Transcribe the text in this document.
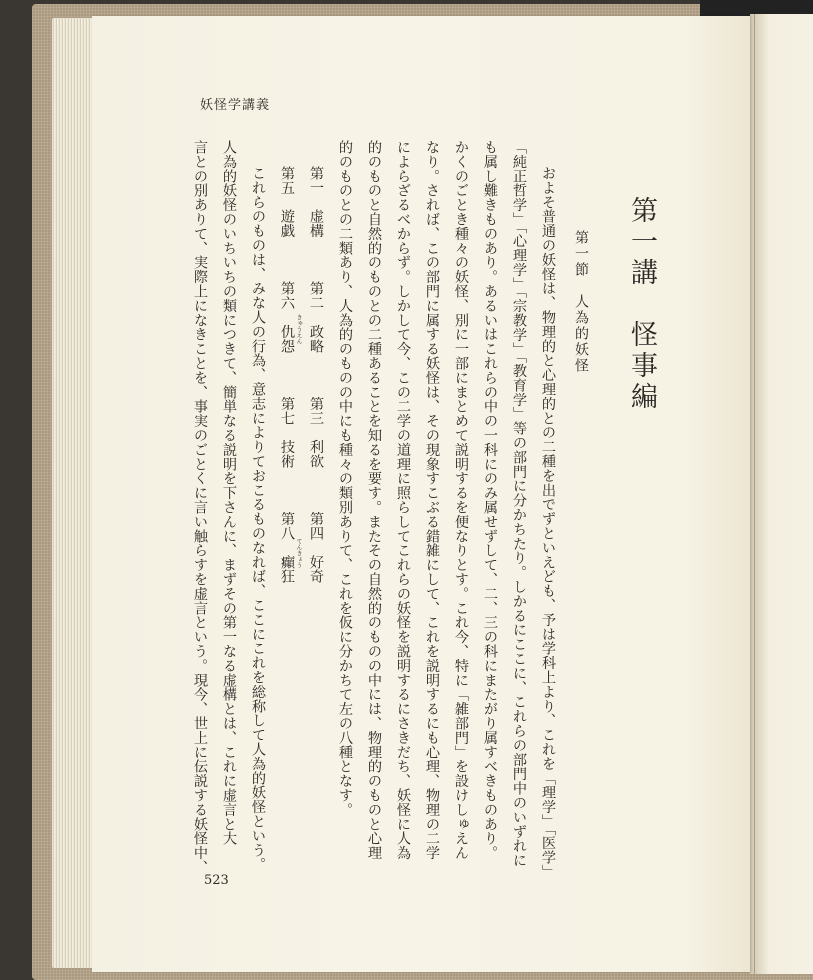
妖怪学講義
第一講　怪事編
第一節　人為的妖怪
およそ普通の妖怪は、物理的と心理的との二種を出でずといえども、予は学科上より、これを「理学」「医学」
「純正哲学」「心理学」「宗教学」「教育学」等の部門に分かちたり。しかるにここに、これらの部門中のいずれに
も属し難きものあり。あるいはこれらの中の一科にのみ属せずして、二、三の科にまたがり属すべきものあり。
かくのごとき種々の妖怪、別に一部にまとめて説明するを便なりとす。これ今、特に「雑部門」を設けしゅえん
なり。されば、この部門に属する妖怪は、その現象すこぶる錯雑にして、これを説明するにも心理、物理の二学
によらざるべからず。しかして今、この二学の道理に照らしてこれらの妖怪を説明するにさきだち、妖怪に人為
的のものと自然的のものとの二種あることを知るを要す。またその自然的のものの中には、物理的のものと心理
的のものとの二類あり、人為的のものの中にも種々の類別ありて、これを仮に分かちて左の八種となす。
第一　虚構　　　第二　政略　　　第三　利欲　　　第四　好奇
第五　遊戯　　　第六　仇怨　　　第七　技術　　　第八　癲狂 きゅうえん
てんきょう
これらのものは、みな人の行為、意志によりておこるものなれば、ここにこれを総称して人為的妖怪という。
人為的妖怪のいちいちの類につきて、簡単なる説明を下さんに、まずその第一なる虚構とは、これに虚言と大
言との別ありて、実際上になきことを、事実のごとくに言い触らすを虚言という。現今、世上に伝説する妖怪中、
523
